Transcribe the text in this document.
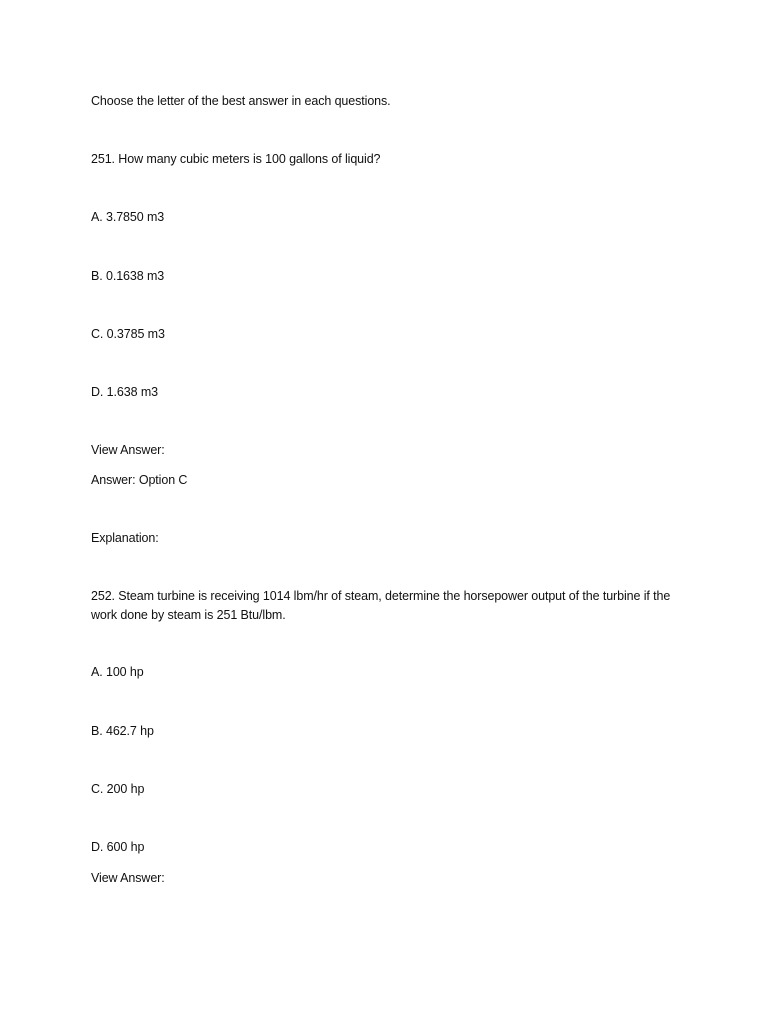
Choose the letter of the best answer in each questions.
251. How many cubic meters is 100 gallons of liquid?
A. 3.7850 m3
B. 0.1638 m3
C. 0.3785 m3
D. 1.638 m3
View Answer:
Answer: Option C
Explanation:
252. Steam turbine is receiving 1014 lbm/hr of steam, determine the horsepower output of the turbine if the work done by steam is 251 Btu/lbm.
A. 100 hp
B. 462.7 hp
C. 200 hp
D. 600 hp
View Answer:
